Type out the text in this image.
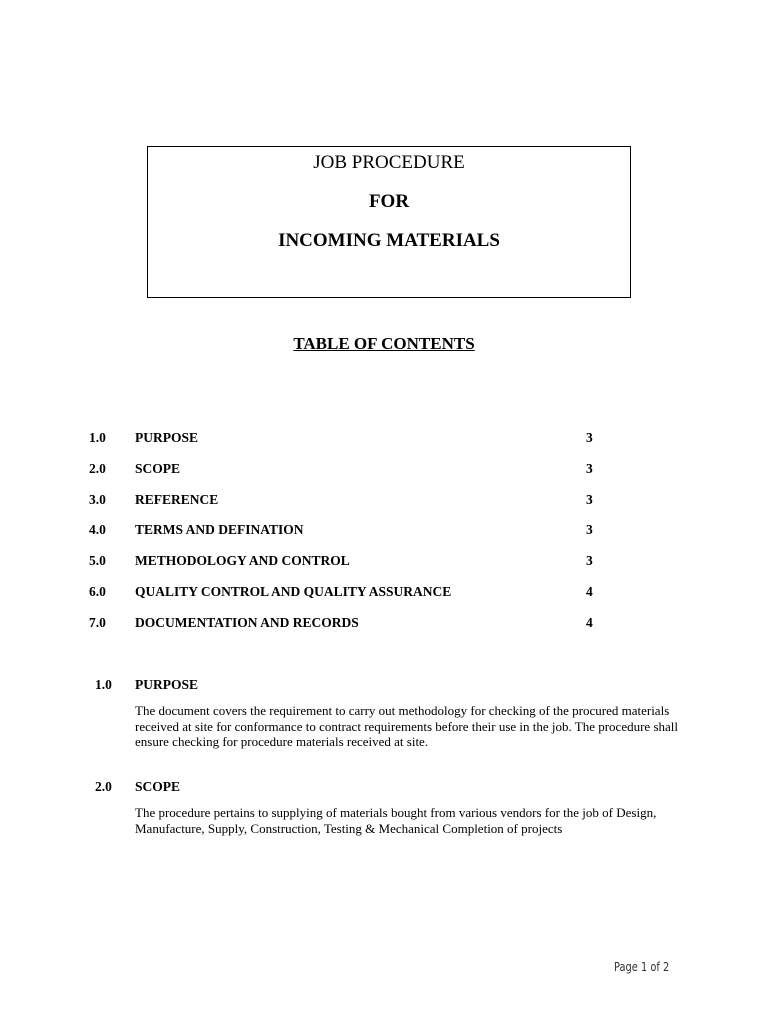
JOB PROCEDURE
FOR
INCOMING MATERIALS
TABLE OF CONTENTS
1.0 PURPOSE	3
2.0 SCOPE	3
3.0 REFERENCE	3
4.0 TERMS AND DEFINATION	3
5.0 METHODOLOGY AND CONTROL	3
6.0 QUALITY CONTROL AND QUALITY ASSURANCE	4
7.0 DOCUMENTATION AND RECORDS	4
1.0 PURPOSE

The document covers the requirement to carry out methodology for checking of the procured materials received at site for conformance to contract requirements before their use in the job. The procedure shall ensure checking for procedure materials received at site.

2.0 SCOPE

The procedure pertains to supplying of materials bought from various vendors for the job of Design, Manufacture, Supply, Construction, Testing & Mechanical Completion of projects

Page 1 of 2
